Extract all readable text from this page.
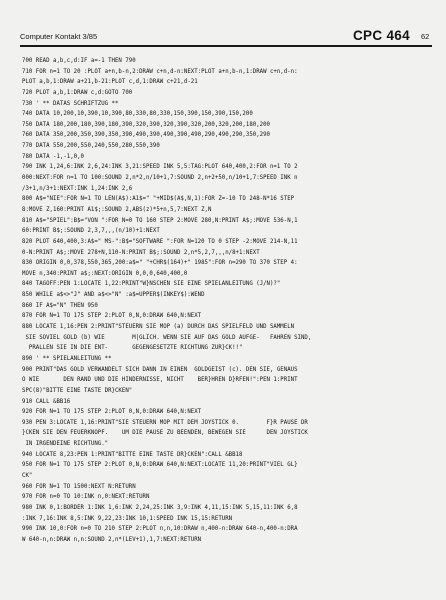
Computer Kontakt 3/85	CPC 464 62
700 READ a,b,c,d:IF a=-1 THEN 790
710 FOR n=1 TO 20 :PLOT a+n,b-n,2:DRAW c+n,d-n:NEXT:PLOT a+n,b-n,1:DRAW c+n,d-n:
PLOT a,b,1:DRAW a+21,b-21:PLOT c,d,1:DRAW c+21,d-21
720 PLOT a,b,1:DRAW c,d:GOTO 700
730 ' ** DATAS SCHRIFTZUG **
740 DATA 10,200,10,390,10,390,80,330,80,330,150,390,150,390,150,200
750 DATA 180,200,180,390,180,390,320,390,320,390,320,200,320,200,180,200
760 DATA 350,200,350,390,350,390,490,390,490,390,490,290,490,290,350,290
770 DATA 550,200,550,240,550,280,550,390
780 DATA -1,-1,0,0
790 INK 1,24,6:INK 2,6,24:INK 3,21:SPEED INK 5,5:TAG:PLOT 640,400,2:FOR n=1 TO 2
000:NEXT:FOR n=1 TO 100:SOUND 2,n*2,n/10+1,7:SOUND 2,n+2+50,n/10+1,7:SPEED INK n
/3+1,n/3+1:NEXT:INK 1,24:INK 2,6
800 A$="NIE":FOR N=1 TO LEN(A$):A1$=" "+MID$(A$,N,1):FOR Z=-10 TO 248-N*16 STEP
8:MOVE Z,160:PRINT A1$;:SOUND 2,ABS(z)*5+n,5,7:NEXT Z,N
810 A$="SPIEL":B$="VON ":FOR N=0 TO 160 STEP 2:MOVE 280,N:PRINT A$;:MOVE 536-N,1
60:PRINT B$;:SOUND 2,3,7,,,(n/10)+1:NEXT
820 PLOT 640,400,3:A$=" MS-":B$="SOFTWARE ":FOR N=120 TO 0 STEP -2:MOVE 214-N,11
0-N:PRINT A$;:MOVE 278+N,110-N:PRINT B$;:SOUND 2,n*5,2,7,,,n/8+1:NEXT
830 ORIGIN 0,0,378,550,365,200:a$=" "+CHR$(164)+" 1985":FOR n=290 TO 370 STEP 4:
MOVE n,340:PRINT a$;:NEXT:ORIGIN 0,0,0,640,400,0
840 TAGOFF:PEN 1:LOCATE 1,22:PRINT"W}NSCHEN SIE EINE SPIELANLEITUNG (J/N)?"
850 WHILE a$<>"J" AND a$<>"N" :a$=UPPER$(INKEY$):WEND
860 IF A$="N" THEN 950
870 FOR N=1 TO 175 STEP 2:PLOT 0,N,0:DRAW 640,N:NEXT
880 LOCATE 1,16:PEN 2:PRINT"STEUERN SIE MOP (a) DURCH DAS SPIELFELD UND SAMMELN
SIE SOVIEL GOLD (b) WIE        M|GLICH. WENN SIE AUF DAS GOLD AUFGE-   FAHREN SIND,
PRALLEN SIE IN DIE ENT-       GEGENGESETZTE RICHTUNG ZUR}CK!!"
890 ' ** SPIELANLEITUNG **
900 PRINT"DAS GOLD VERWANDELT SICH DANN IN EINEN  GOLDGEIST (c). DEN SIE, GENAUS
O WIE       DEN RAND UND DIE HINDERNISSE, NICHT    BER}HREN D}RFEN!":PEN 1:PRINT
SPC(8)"BITTE EINE TASTE DR}CKEN"
910 CALL &BB16
920 FOR N=1 TO 175 STEP 2:PLOT 0,N,0:DRAW 640,N:NEXT
930 PEN 3:LOCATE 1,16:PRINT"SIE STEUERN MOP MIT DEM JOYSTICK 0.        F}R PAUSE DR
}CKEN SIE DEN FEUERKNOPF.    UM DIE PAUSE ZU BEENDEN, BEWEGEN SIE      DEN JOYSTICK
IN IRGENDEINE RICHTUNG."
940 LOCATE 8,23:PEN 1:PRINT"BITTE EINE TASTE DR}CKEN":CALL &BB18
950 FOR N=1 TO 175 STEP 2:PLOT 0,N,0:DRAW 640,N:NEXT:LOCATE 11,20:PRINT"VIEL GL}
CK"
960 FOR N=1 TO 1500:NEXT N:RETURN
970 FOR n=0 TO 10:INK n,0:NEXT:RETURN
980 INK 0,1:BORDER 1:INK 1,6:INK 2,24,25:INK 3,9:INK 4,11,15:INK 5,15,11:INK 6,8
:INK 7,16:INK 8,5:INK 9,22,23:INK 10,1:SPEED INK 15,15:RETURN
990 INK 10,0:FOR n=0 TO 210 STEP 2:PLOT n,n,10:DRAW n,400-n:DRAW 640-n,400-n:DRA
W 640-n,n:DRAW n,n:SOUND 2,n*(LEV+1),1,7:NEXT:RETURN
